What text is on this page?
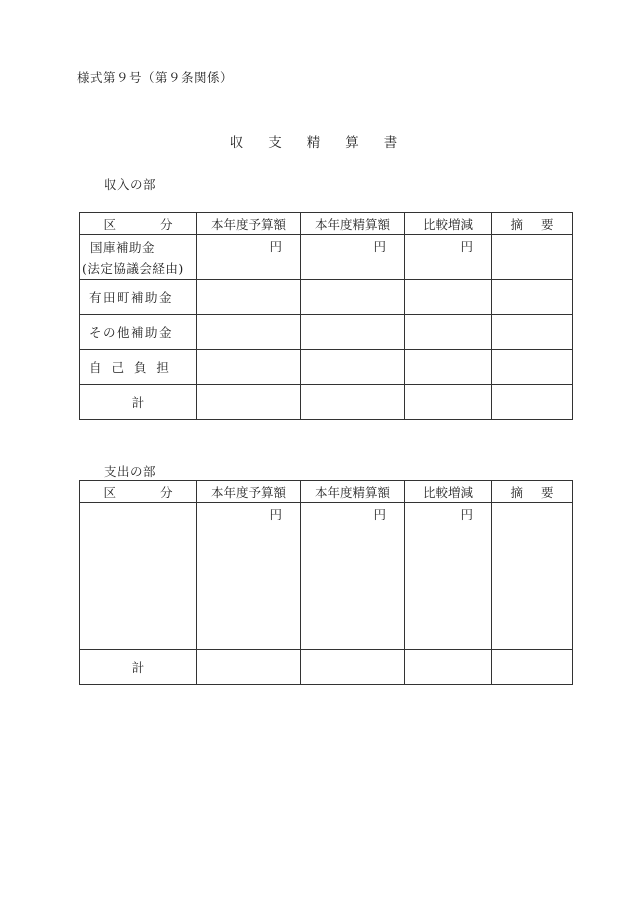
様式第９号（第９条関係）
収支精算書
収入の部
区 分	本年度予算額	本年度精算額	比較増減	摘 要

国庫補助金
(法定協議会経由)	円	円	円	
有田町補助金				
その他補助金				
自 己 負 担				
計				
支出の部
区 分	本年度予算額	本年度精算額	比較増減	摘 要
	円	円	円	
計				
